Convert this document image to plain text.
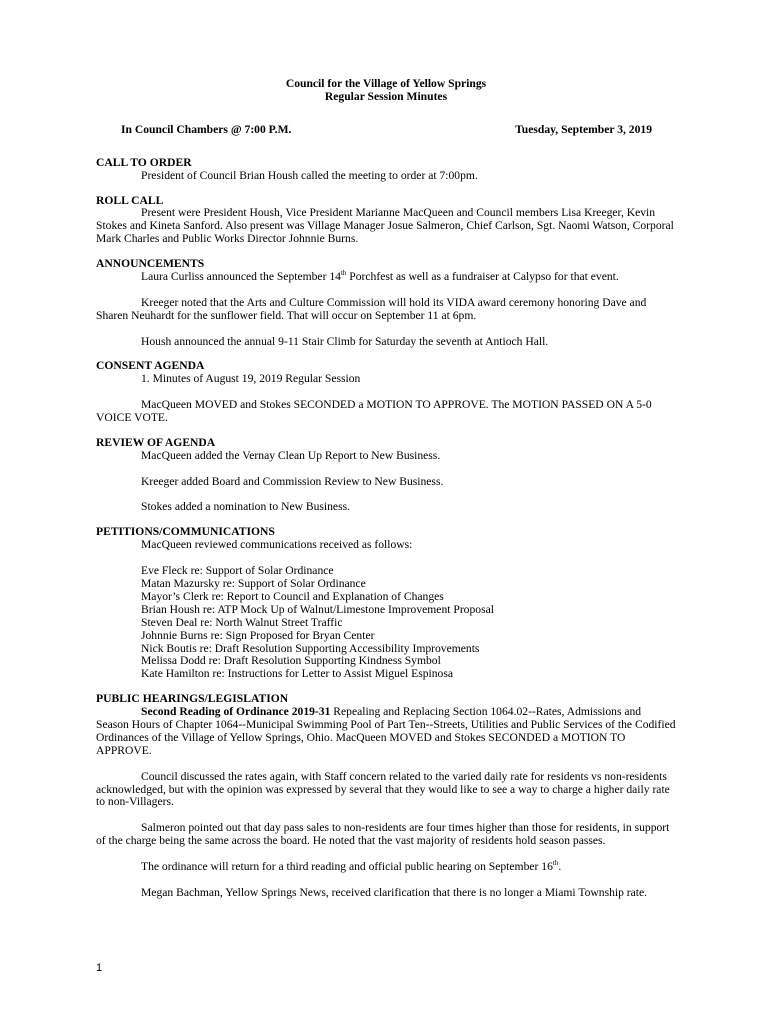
Council for the Village of Yellow Springs
Regular Session Minutes
In Council Chambers @ 7:00 P.M.	Tuesday, September 3, 2019
CALL TO ORDER

President of Council Brian Housh called the meeting to order at 7:00pm.

ROLL CALL

Present were President Housh, Vice President Marianne MacQueen and Council members Lisa Kreeger, Kevin Stokes and Kineta Sanford. Also present was Village Manager Josue Salmeron, Chief Carlson, Sgt. Naomi Watson, Corporal Mark Charles and Public Works Director Johnnie Burns.

ANNOUNCEMENTS

Laura Curliss announced the September 14th Porchfest as well as a fundraiser at Calypso for that event.

Kreeger noted that the Arts and Culture Commission will hold its VIDA award ceremony honoring Dave and Sharen Neuhardt for the sunflower field. That will occur on September 11 at 6pm.

Housh announced the annual 9-11 Stair Climb for Saturday the seventh at Antioch Hall.

CONSENT AGENDA

1. Minutes of August 19, 2019 Regular Session

MacQueen MOVED and Stokes SECONDED a MOTION TO APPROVE. The MOTION PASSED ON A 5-0 VOICE VOTE.

REVIEW OF AGENDA

MacQueen added the Vernay Clean Up Report to New Business.

Kreeger added Board and Commission Review to New Business.

Stokes added a nomination to New Business.

PETITIONS/COMMUNICATIONS

MacQueen reviewed communications received as follows:

Eve Fleck re: Support of Solar Ordinance
Matan Mazursky re: Support of Solar Ordinance
Mayor’s Clerk re: Report to Council and Explanation of Changes
Brian Housh re: ATP Mock Up of Walnut/Limestone Improvement Proposal
Steven Deal re: North Walnut Street Traffic
Johnnie Burns re: Sign Proposed for Bryan Center
Nick Boutis re: Draft Resolution Supporting Accessibility Improvements
Melissa Dodd re: Draft Resolution Supporting Kindness Symbol
Kate Hamilton re: Instructions for Letter to Assist Miguel Espinosa
PUBLIC HEARINGS/LEGISLATION

Second Reading of Ordinance 2019-31 Repealing and Replacing Section 1064.02--Rates, Admissions and Season Hours of Chapter 1064--Municipal Swimming Pool of Part Ten--Streets, Utilities and Public Services of the Codified Ordinances of the Village of Yellow Springs, Ohio. MacQueen MOVED and Stokes SECONDED a MOTION TO APPROVE.

Council discussed the rates again, with Staff concern related to the varied daily rate for residents vs non-residents acknowledged, but with the opinion was expressed by several that they would like to see a way to charge a higher daily rate to non-Villagers.

Salmeron pointed out that day pass sales to non-residents are four times higher than those for residents, in support of the charge being the same across the board. He noted that the vast majority of residents hold season passes.

The ordinance will return for a third reading and official public hearing on September 16th.

Megan Bachman, Yellow Springs News, received clarification that there is no longer a Miami Township rate.

1
